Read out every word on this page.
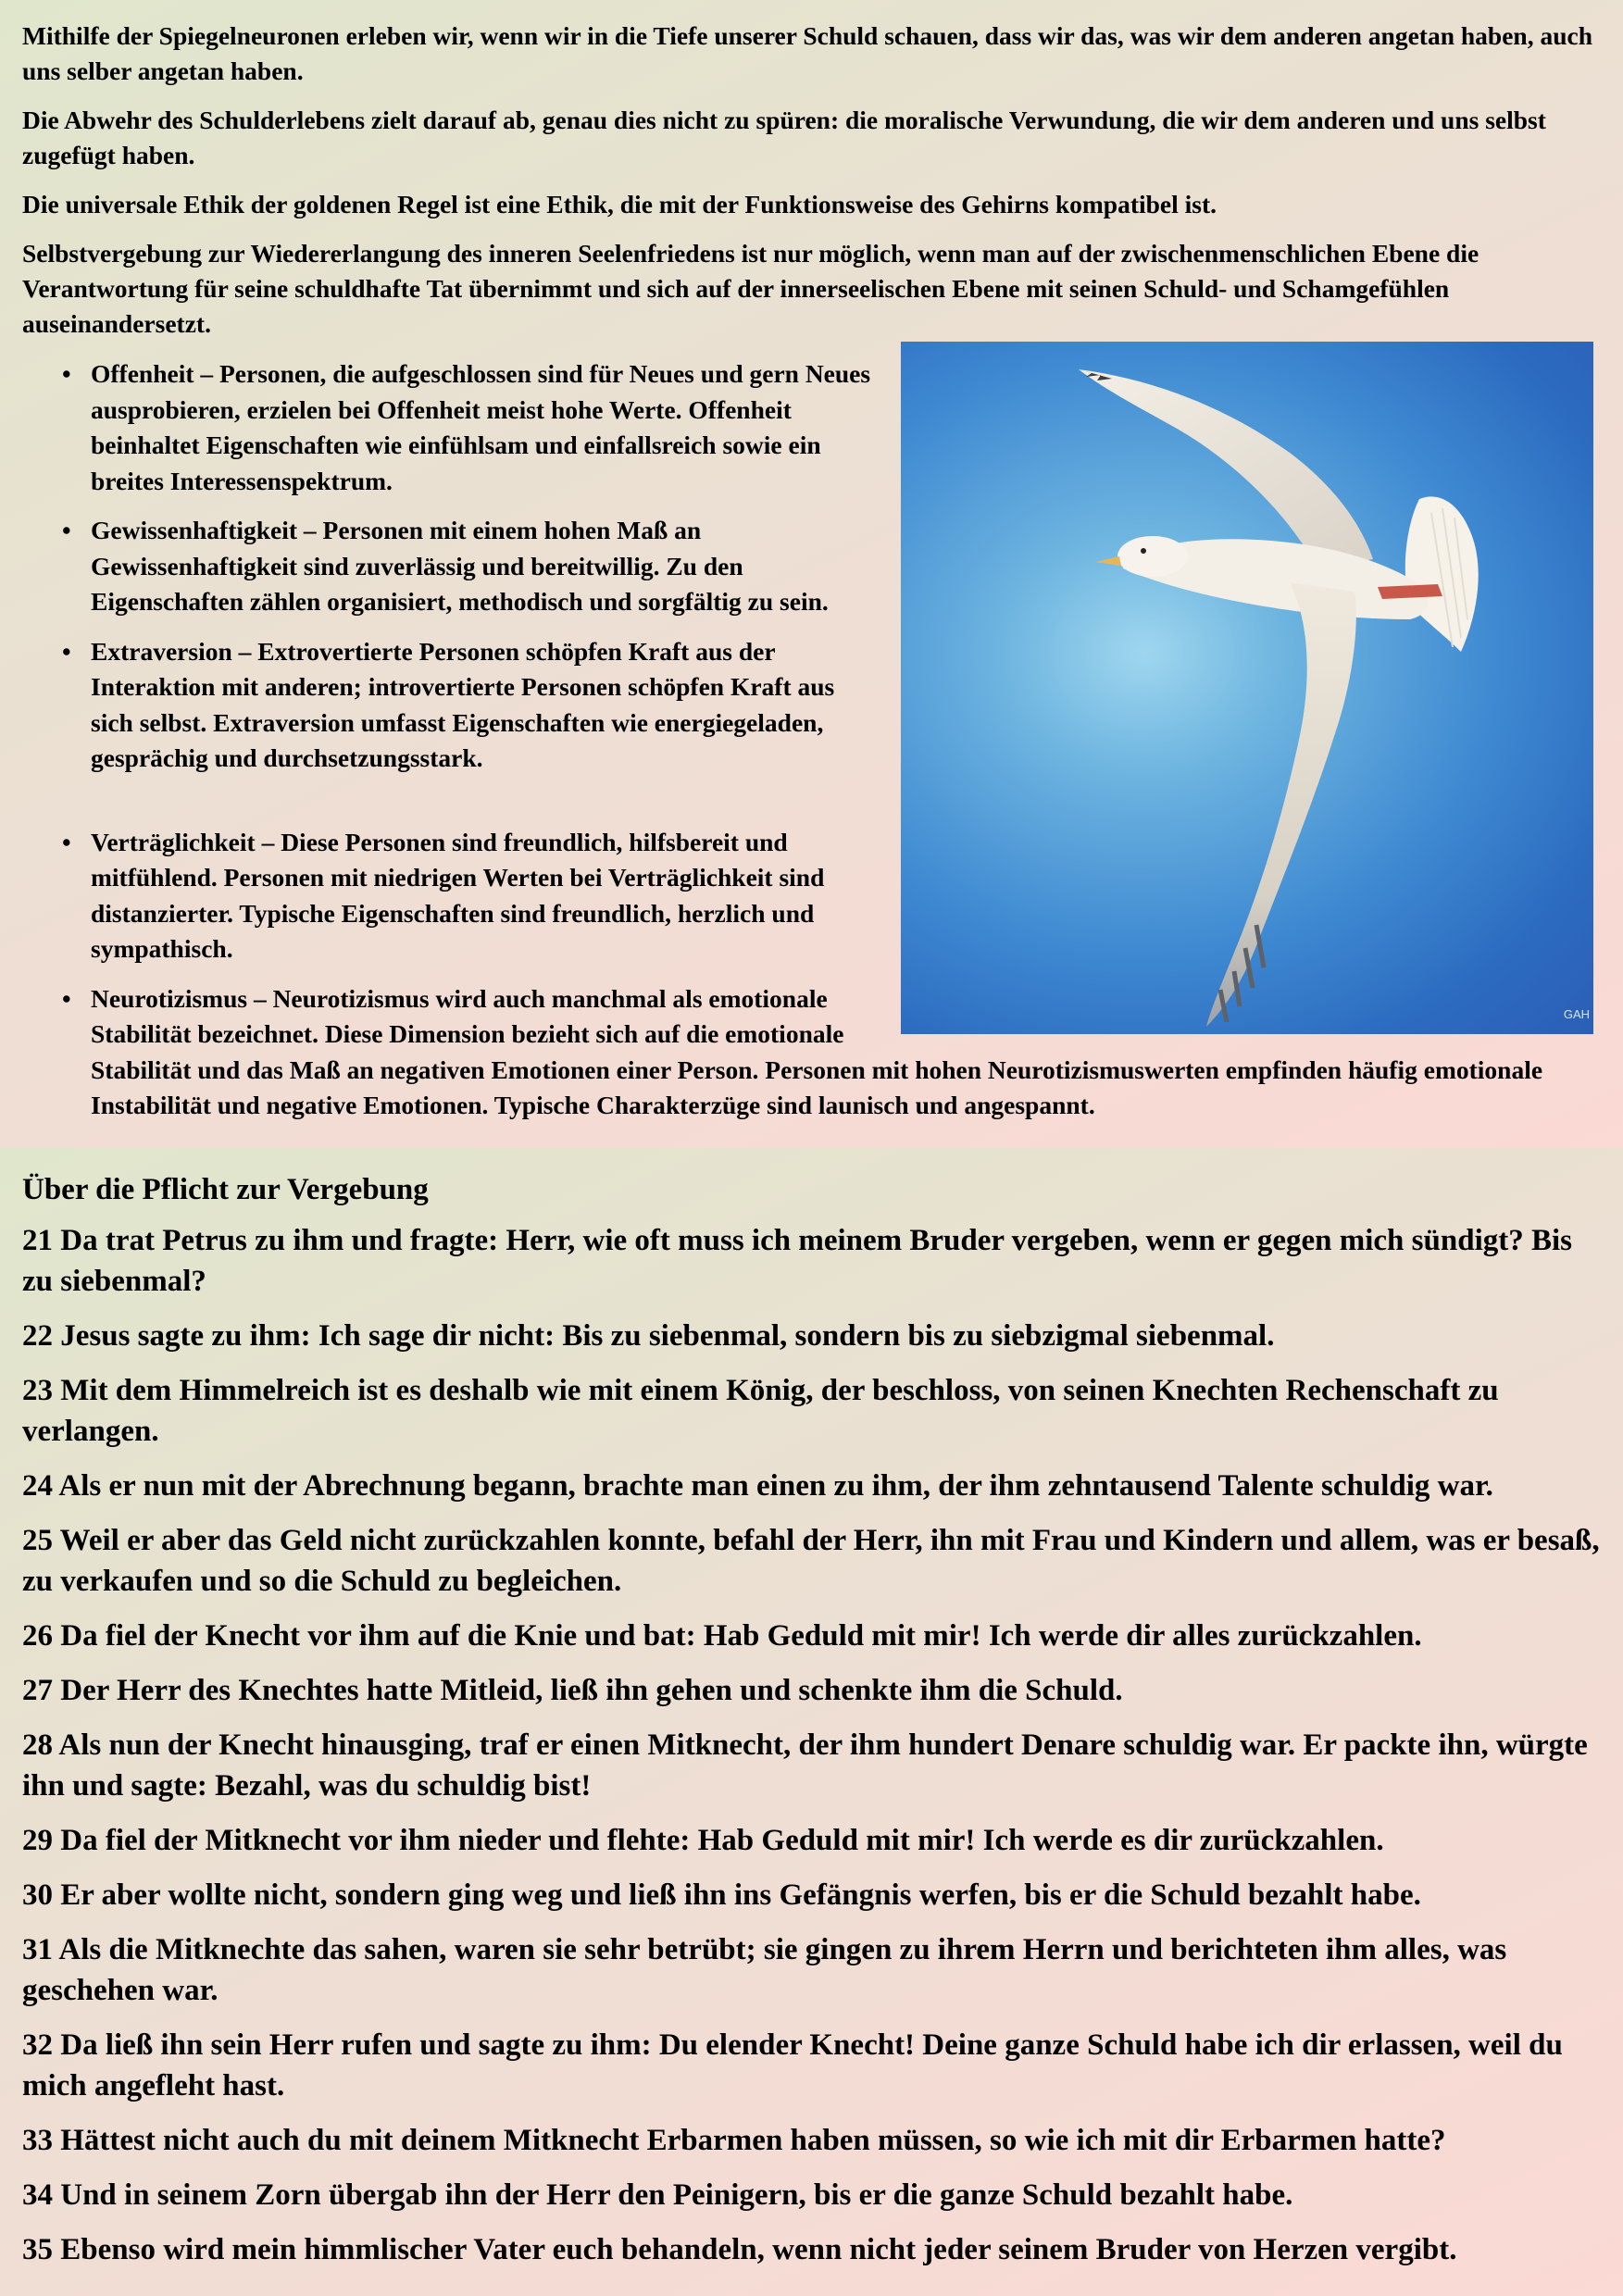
Mithilfe der Spiegelneuronen erleben wir, wenn wir in die Tiefe unserer Schuld schauen, dass wir das, was wir dem anderen angetan haben, auch uns selber angetan haben.

Die Abwehr des Schulderlebens zielt darauf ab, genau dies nicht zu spüren: die moralische Verwundung, die wir dem anderen und uns selbst zugefügt haben.

Die universale Ethik der goldenen Regel ist eine Ethik, die mit der Funktionsweise des Gehirns kompatibel ist.

Selbstvergebung zur Wiedererlangung des inneren Seelenfriedens ist nur möglich, wenn man auf der zwischenmenschlichen Ebene die Verantwortung für seine schuldhafte Tat übernimmt und sich auf der innerseelischen Ebene mit seinen Schuld- und Schamgefühlen auseinandersetzt.

GAH
• Offenheit – Personen, die aufgeschlossen sind für Neues und gern Neues ausprobieren, erzielen bei Offenheit meist hohe Werte. Offenheit beinhaltet Eigenschaften wie einfühlsam und einfallsreich sowie ein breites Interessenspektrum.
• Gewissenhaftigkeit – Personen mit einem hohen Maß an Gewissenhaftigkeit sind zuverlässig und bereitwillig. Zu den Eigenschaften zählen organisiert, methodisch und sorgfältig zu sein.
• Extraversion – Extrovertierte Personen schöpfen Kraft aus der Interaktion mit anderen; introvertierte Personen schöpfen Kraft aus sich selbst. Extraversion umfasst Eigenschaften wie energiegeladen, gesprächig und durchsetzungsstark.
• Verträglichkeit – Diese Personen sind freundlich, hilfsbereit und mitfühlend. Personen mit niedrigen Werten bei Verträglichkeit sind distanzierter. Typische Eigenschaften sind freundlich, herzlich und sympathisch.
• Neurotizismus – Neurotizismus wird auch manchmal als emotionale Stabilität bezeichnet. Diese Dimension bezieht sich auf die emotionale Stabilität und das Maß an negativen Emotionen einer Person. Personen mit hohen Neurotizismuswerten empfinden häufig emotionale Instabilität und negative Emotionen. Typische Charakterzüge sind launisch und angespannt.
Über die Pflicht zur Vergebung

21 Da trat Petrus zu ihm und fragte: Herr, wie oft muss ich meinem Bruder vergeben, wenn er gegen mich sündigt? Bis zu siebenmal?

22 Jesus sagte zu ihm: Ich sage dir nicht: Bis zu siebenmal, sondern bis zu siebzigmal siebenmal.

23 Mit dem Himmelreich ist es deshalb wie mit einem König, der beschloss, von seinen Knechten Rechenschaft zu verlangen.

24 Als er nun mit der Abrechnung begann, brachte man einen zu ihm, der ihm zehntausend Talente schuldig war.

25 Weil er aber das Geld nicht zurückzahlen konnte, befahl der Herr, ihn mit Frau und Kindern und allem, was er besaß, zu verkaufen und so die Schuld zu begleichen.

26 Da fiel der Knecht vor ihm auf die Knie und bat: Hab Geduld mit mir! Ich werde dir alles zurückzahlen.

27 Der Herr des Knechtes hatte Mitleid, ließ ihn gehen und schenkte ihm die Schuld.

28 Als nun der Knecht hinausging, traf er einen Mitknecht, der ihm hundert Denare schuldig war. Er packte ihn, würgte ihn und sagte: Bezahl, was du schuldig bist!

29 Da fiel der Mitknecht vor ihm nieder und flehte: Hab Geduld mit mir! Ich werde es dir zurückzahlen.

30 Er aber wollte nicht, sondern ging weg und ließ ihn ins Gefängnis werfen, bis er die Schuld bezahlt habe.

31 Als die Mitknechte das sahen, waren sie sehr betrübt; sie gingen zu ihrem Herrn und berichteten ihm alles, was geschehen war.

32 Da ließ ihn sein Herr rufen und sagte zu ihm: Du elender Knecht! Deine ganze Schuld habe ich dir erlassen, weil du mich angefleht hast.

33 Hättest nicht auch du mit deinem Mitknecht Erbarmen haben müssen, so wie ich mit dir Erbarmen hatte?

34 Und in seinem Zorn übergab ihn der Herr den Peinigern, bis er die ganze Schuld bezahlt habe.

35 Ebenso wird mein himmlischer Vater euch behandeln, wenn nicht jeder seinem Bruder von Herzen vergibt.
